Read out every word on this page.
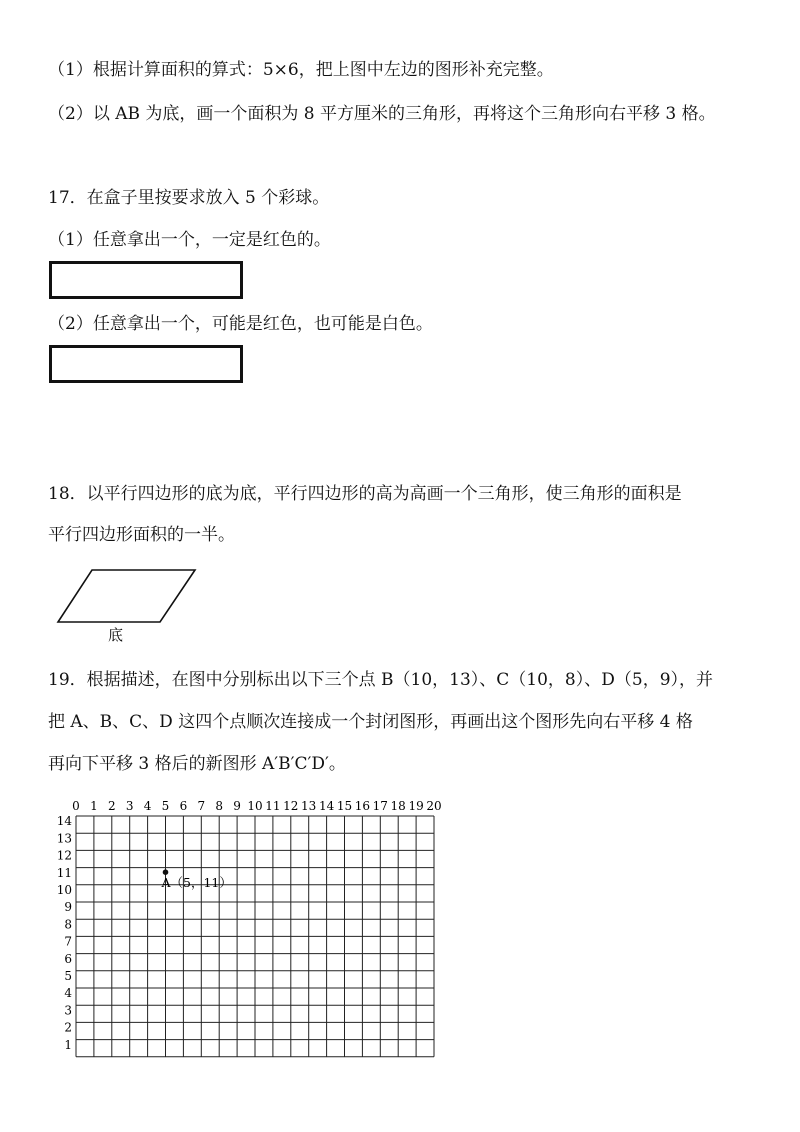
（1）根据计算面积的算式：5×6，把上图中左边的图形补充完整。
（2）以 AB 为底，画一个面积为 8 平方厘米的三角形，再将这个三角形向右平移 3 格。
17．在盒子里按要求放入 5 个彩球。
（1）任意拿出一个，一定是红色的。
（2）任意拿出一个，可能是红色，也可能是白色。
18．以平行四边形的底为底，平行四边形的高为高画一个三角形，使三角形的面积是
平行四边形面积的一半。
底
19．根据描述，在图中分别标出以下三个点 B（10，13）、C（10，8）、D（5，9），并
把 A、B、C、D 这四个点顺次连接成一个封闭图形，再画出这个图形先向右平移 4 格
再向下平移 3 格后的新图形 A′B′C′D′。
0 1 2 3 4 5 6 7 8 9 10 11 12 13 14 15 16 17 18 19 20
14
13
12
11
10
9
8
7
6
5
4
3
2
1
A（5，11）
